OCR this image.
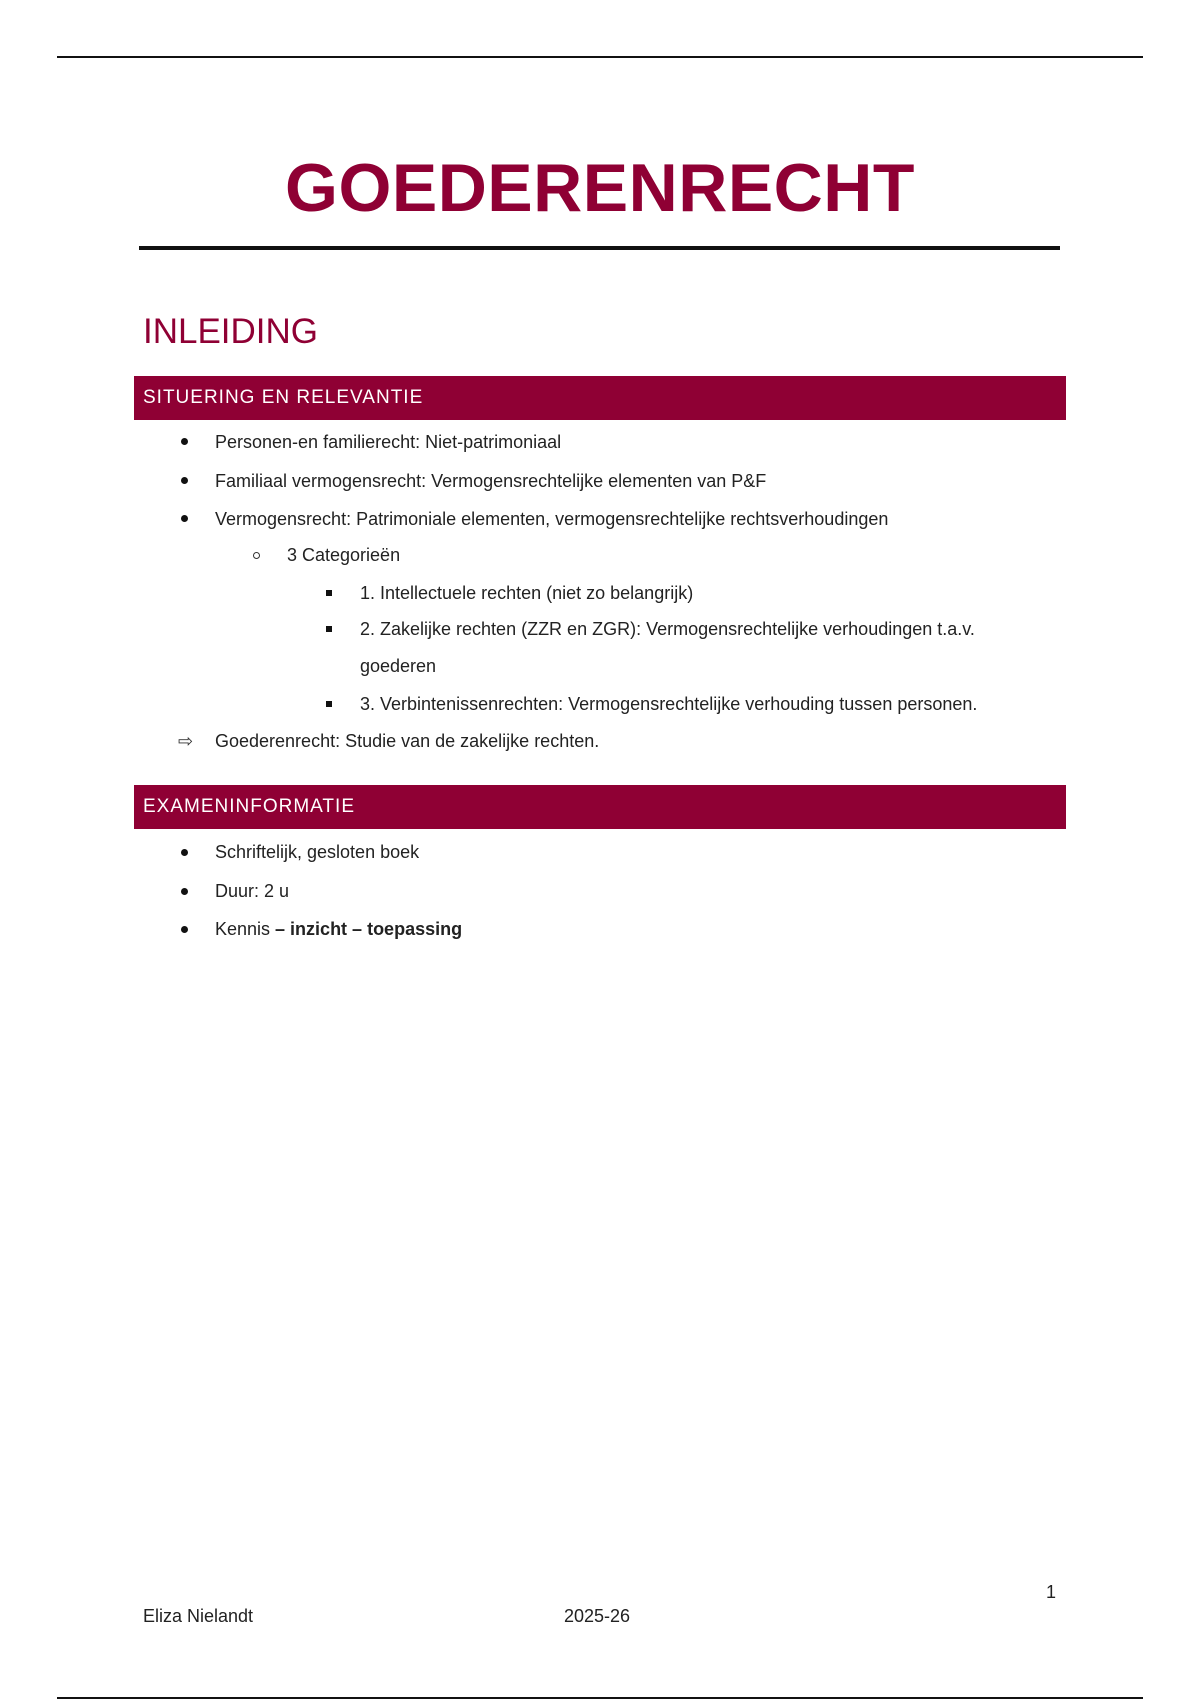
GOEDERENRECHT
INLEIDING
SITUERING EN RELEVANTIE
Personen-en familierecht: Niet-patrimoniaal
Familiaal vermogensrecht: Vermogensrechtelijke elementen van P&F
Vermogensrecht: Patrimoniale elementen, vermogensrechtelijke rechtsverhoudingen
3 Categorieën
1. Intellectuele rechten (niet zo belangrijk)
2. Zakelijke rechten (ZZR en ZGR): Vermogensrechtelijke verhoudingen t.a.v.
goederen
3. Verbintenissenrechten: Vermogensrechtelijke verhouding tussen personen.
⇨ Goederenrecht: Studie van de zakelijke rechten.
EXAMENINFORMATIE
Schriftelijk, gesloten boek
Duur: 2 u
Kennis – inzicht – toepassing
1
Eliza Nielandt	2025-26
